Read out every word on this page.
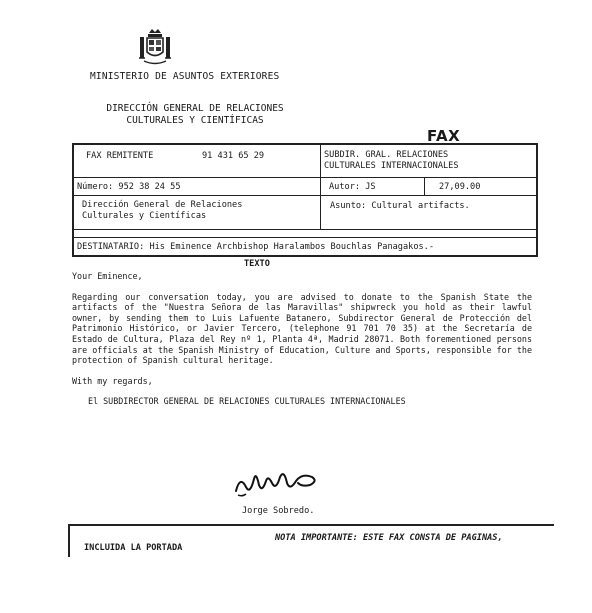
MINISTERIO DE ASUNTOS EXTERIORES
DIRECCIÓN GENERAL DE RELACIONES
CULTURALES Y CIENTÍFICAS
FAX
FAX REMITENTE	91 431 65 29	SUBDIR. GRAL. RELACIONES
CULTURALES INTERNACIONALES
Número: 952 38 24 55	Autor: JS	27,09.00
Dirección General de Relaciones
Culturales y Científicas
Asunto: Cultural artifacts.
DESTINATARIO: His Eminence Archbishop Haralambos Bouchlas Panagakos.-
TEXTO

Your Eminence,

Regarding our conversation today, you are advised to donate to the Spanish State the artifacts of the "Nuestra Señora de las Maravillas" shipwreck you hold as their lawful owner, by sending them to Luis Lafuente Batanero, Subdirector General de Protección del Patrimonio Histórico, or Javier Tercero, (telephone 91 701 70 35) at the Secretaría de Estado de Cultura, Plaza del Rey nº 1, Planta 4ª, Madrid 28071. Both forementioned persons are officials at the Spanish Ministry of Education, Culture and Sports, responsible for the protection of Spanish cultural heritage.

With my regards,

El SUBDIRECTOR GENERAL DE RELACIONES CULTURALES INTERNACIONALES

Jorge Sobredo.
NOTA IMPORTANTE: ESTE FAX CONSTA DE PAGINAS,
INCLUIDA LA PORTADA
